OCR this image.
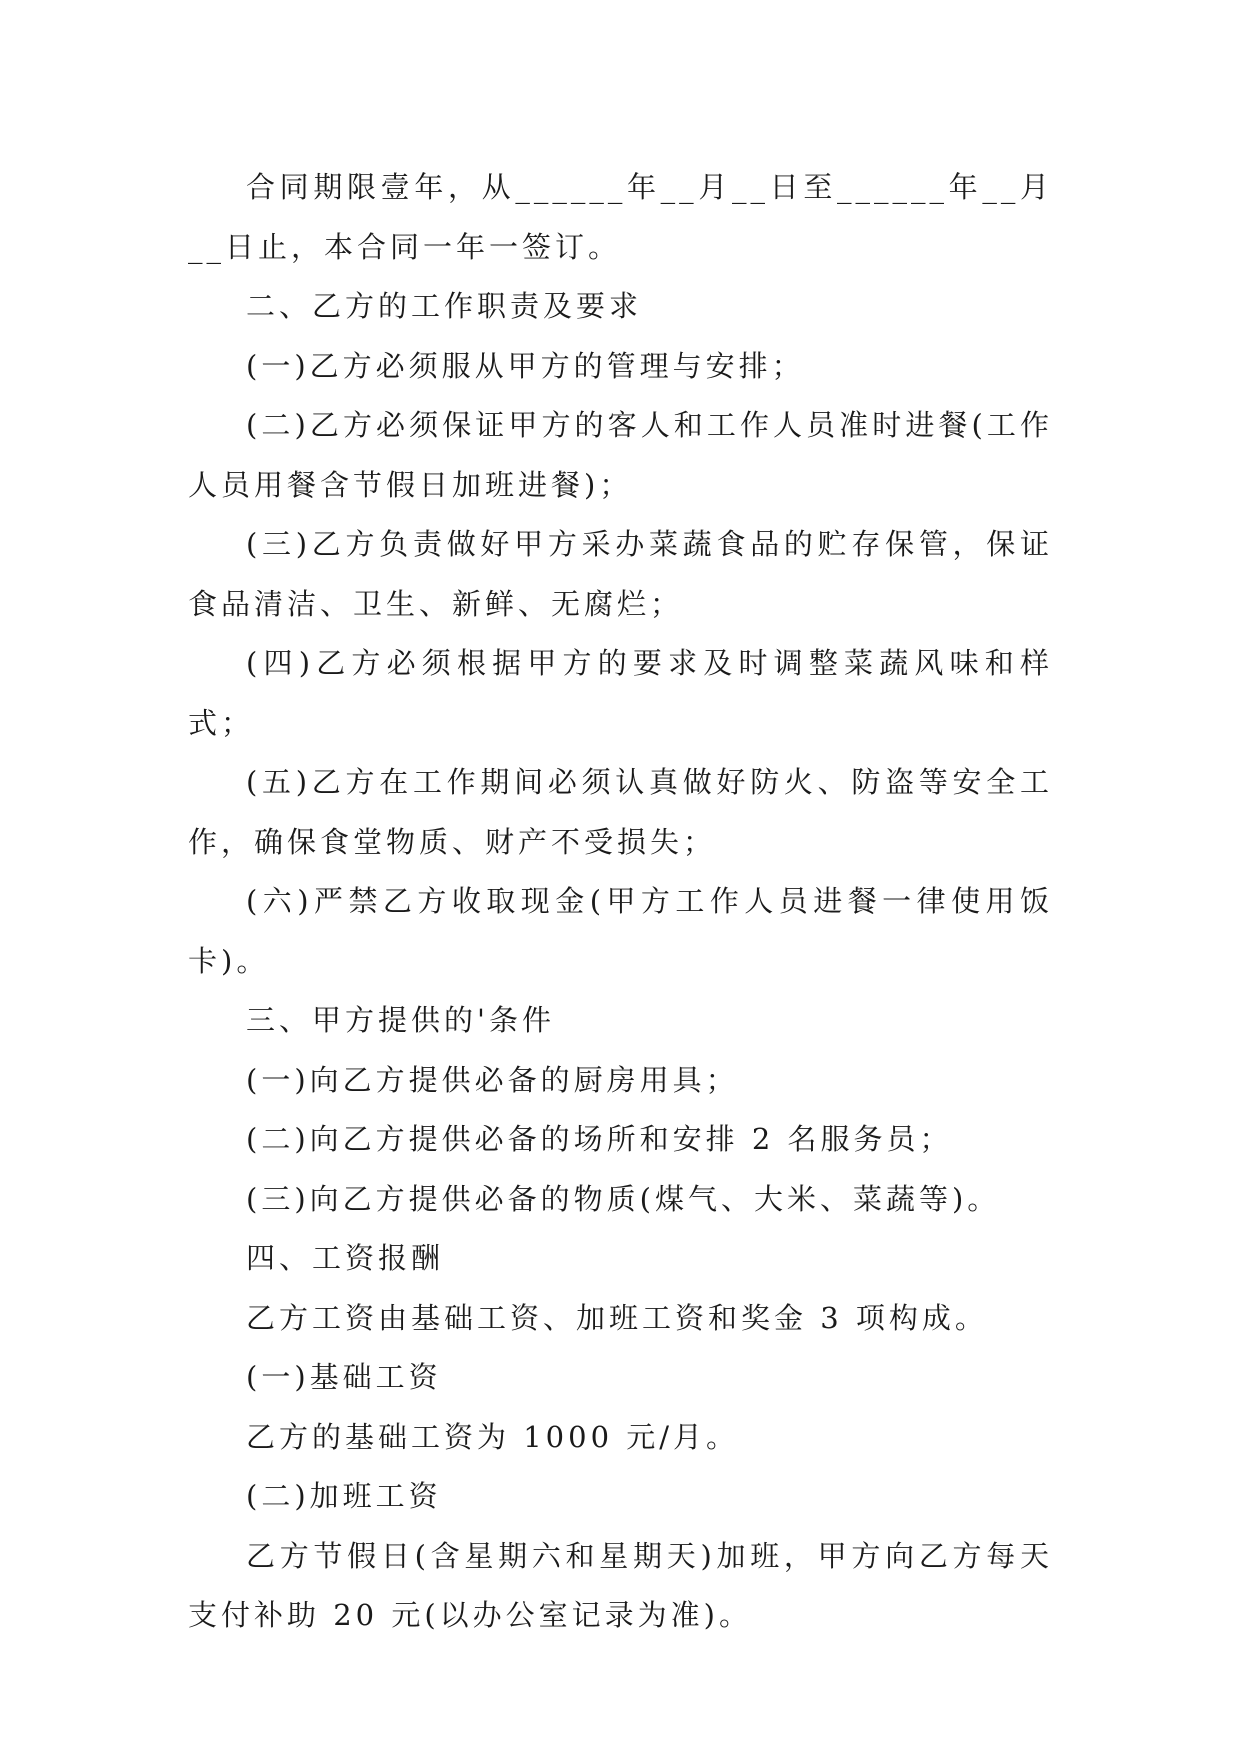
合同期限壹年，从______年__月__日至______年__月__日止，本合同一年一签订。

二、乙方的工作职责及要求

(一)乙方必须服从甲方的管理与安排；

(二)乙方必须保证甲方的客人和工作人员准时进餐(工作人员用餐含节假日加班进餐)；

(三)乙方负责做好甲方采办菜蔬食品的贮存保管，保证食品清洁、卫生、新鲜、无腐烂；

(四)乙方必须根据甲方的要求及时调整菜蔬风味和样式；

(五)乙方在工作期间必须认真做好防火、防盗等安全工作，确保食堂物质、财产不受损失；

(六)严禁乙方收取现金(甲方工作人员进餐一律使用饭卡)。

三、甲方提供的'条件

(一)向乙方提供必备的厨房用具；

(二)向乙方提供必备的场所和安排 2 名服务员；

(三)向乙方提供必备的物质(煤气、大米、菜蔬等)。

四、工资报酬

乙方工资由基础工资、加班工资和奖金 3 项构成。

(一)基础工资

乙方的基础工资为 1000 元/月。

(二)加班工资

乙方节假日(含星期六和星期天)加班，甲方向乙方每天支付补助 20 元(以办公室记录为准)。
